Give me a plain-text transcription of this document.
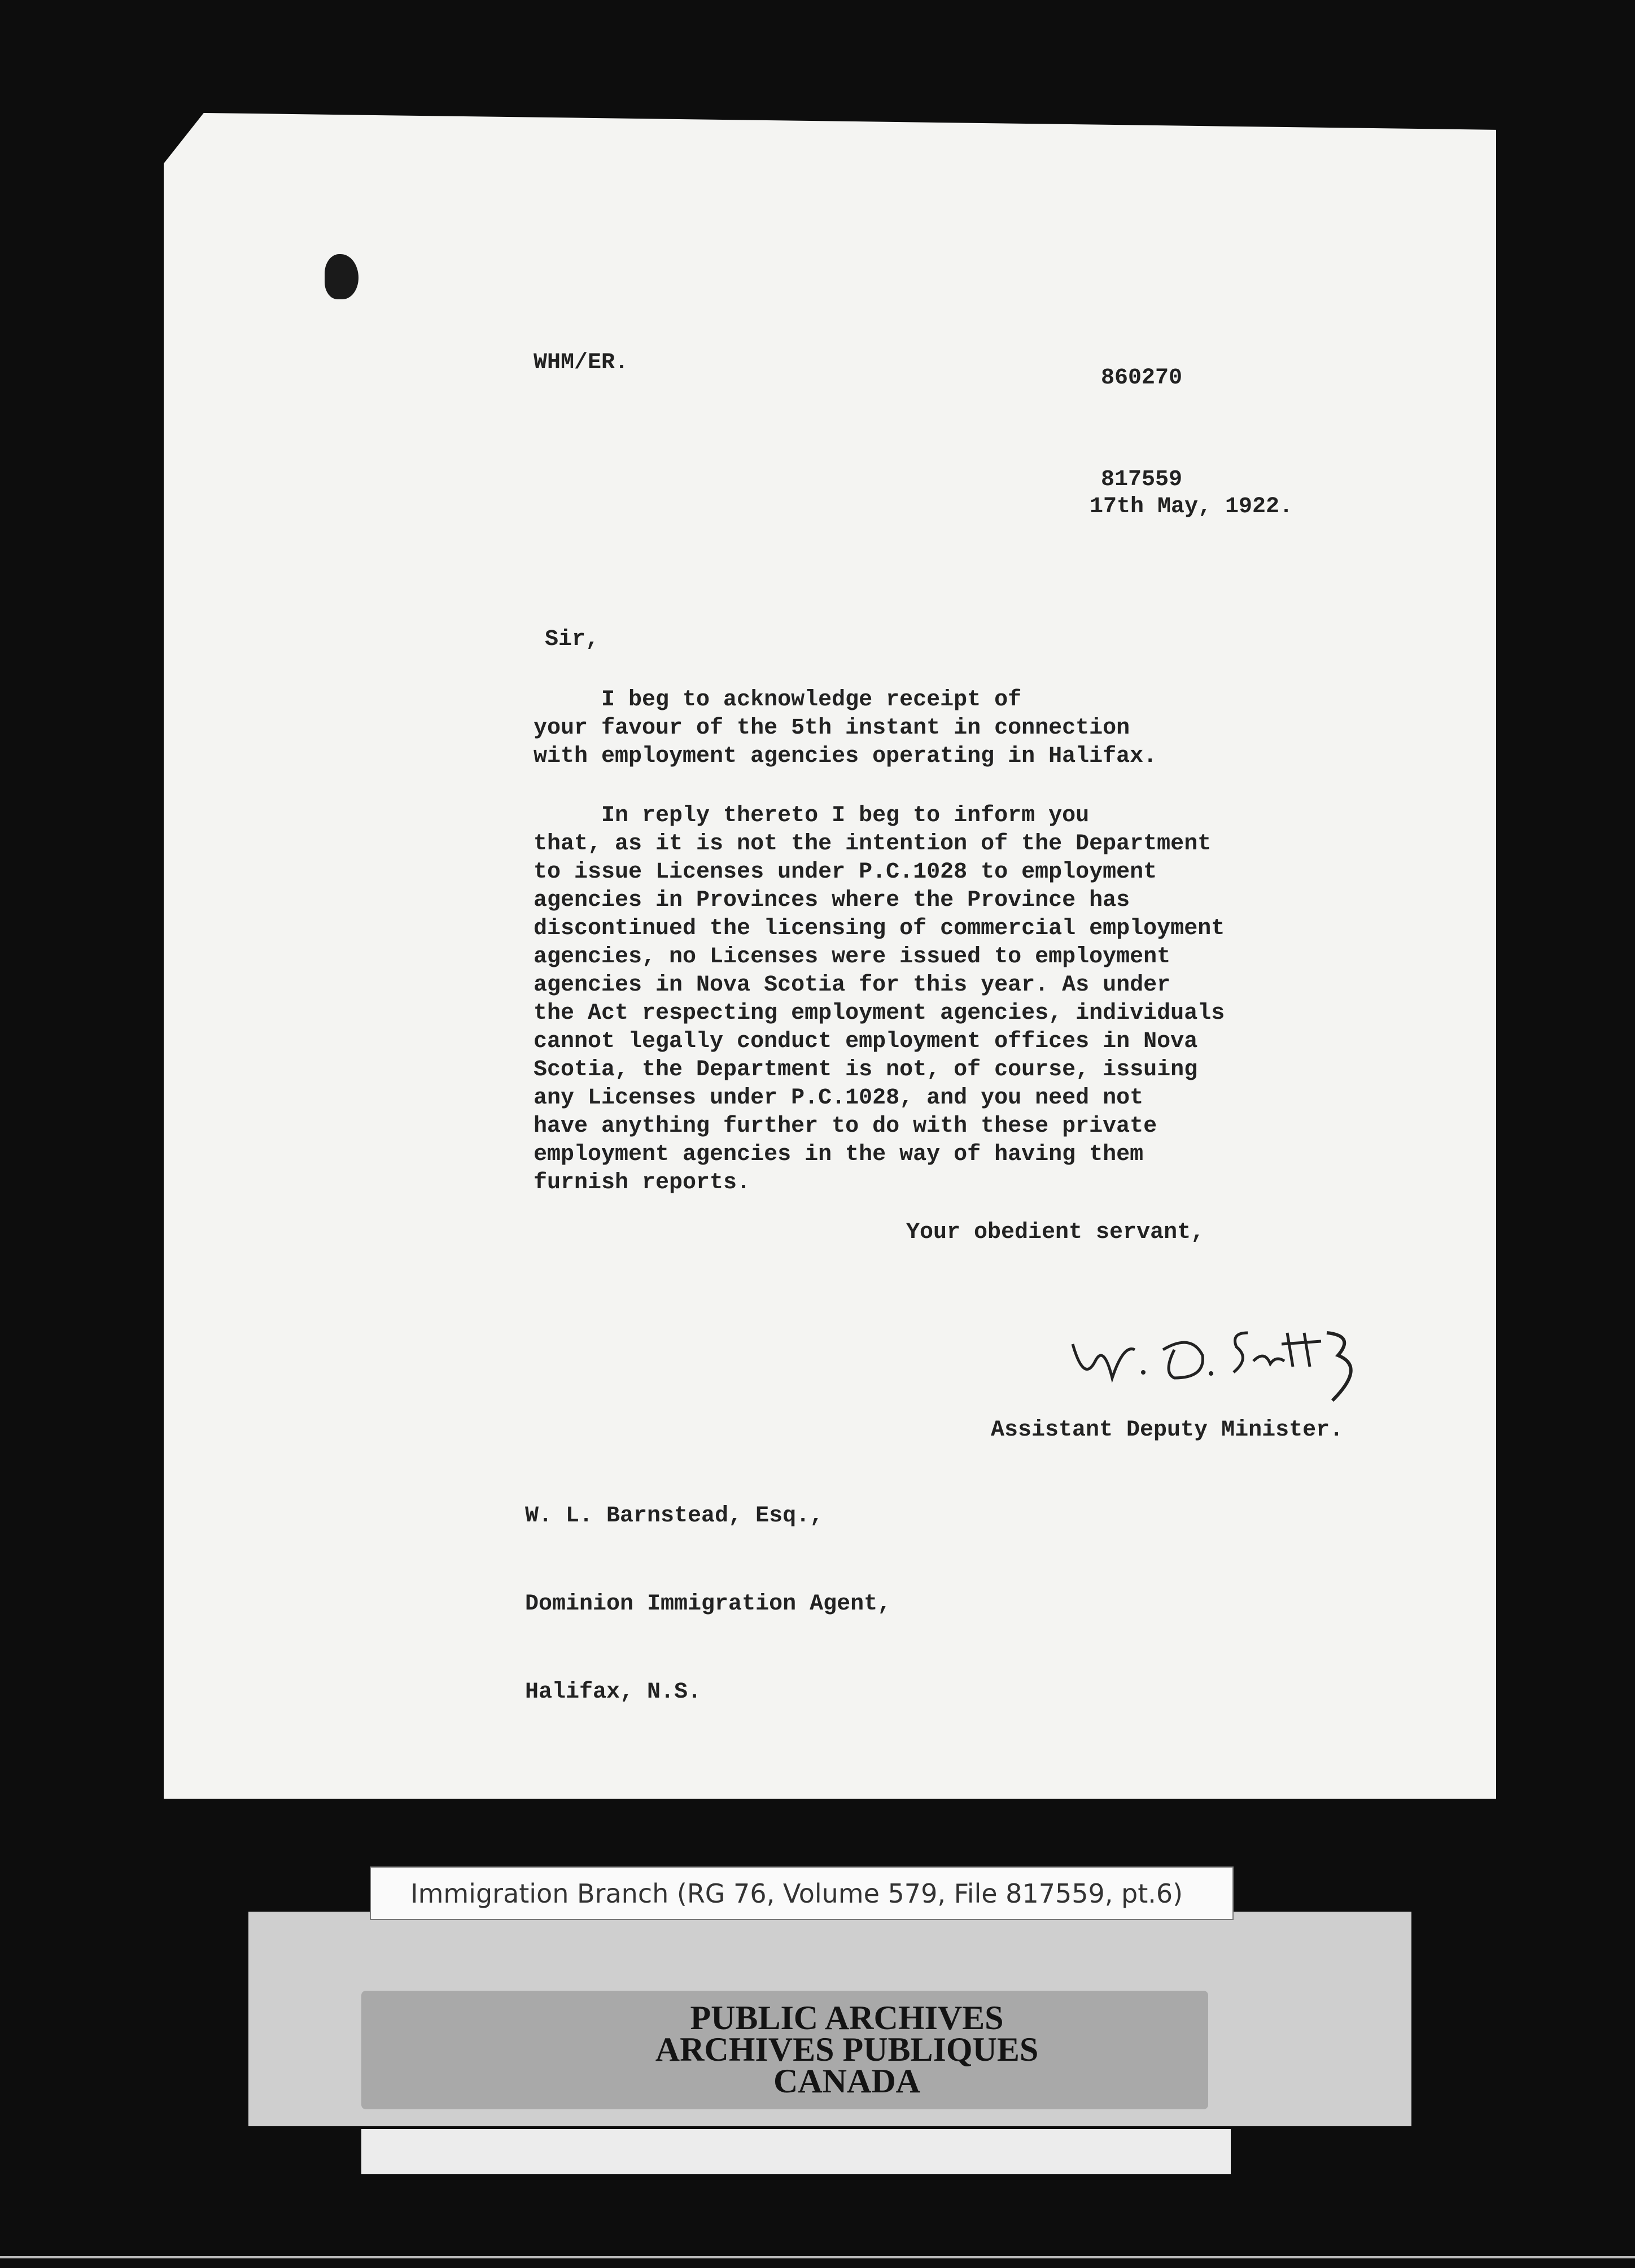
860270

817559

WHM/ER.
17th May, 1922.
Sir,
I beg to acknowledge receipt of
your favour of the 5th instant in connection
with employment agencies operating in Halifax.
In reply thereto I beg to inform you
that, as it is not the intention of the Department
to issue Licenses under P.C.1028 to employment
agencies in Provinces where the Province has
discontinued the licensing of commercial employment
agencies, no Licenses were issued to employment
agencies in Nova Scotia for this year. As under
the Act respecting employment agencies, individuals
cannot legally conduct employment offices in Nova
Scotia, the Department is not, of course, issuing
any Licenses under P.C.1028, and you need not
have anything further to do with these private
employment agencies in the way of having them
furnish reports.
Your obedient servant,
Assistant Deputy Minister.

W. L. Barnstead, Esq.,

Dominion Immigration Agent,

Halifax, N.S.

Immigration Branch (RG 76, Volume 579, File 817559, pt.6)
PUBLIC ARCHIVES
ARCHIVES PUBLIQUES
CANADA
